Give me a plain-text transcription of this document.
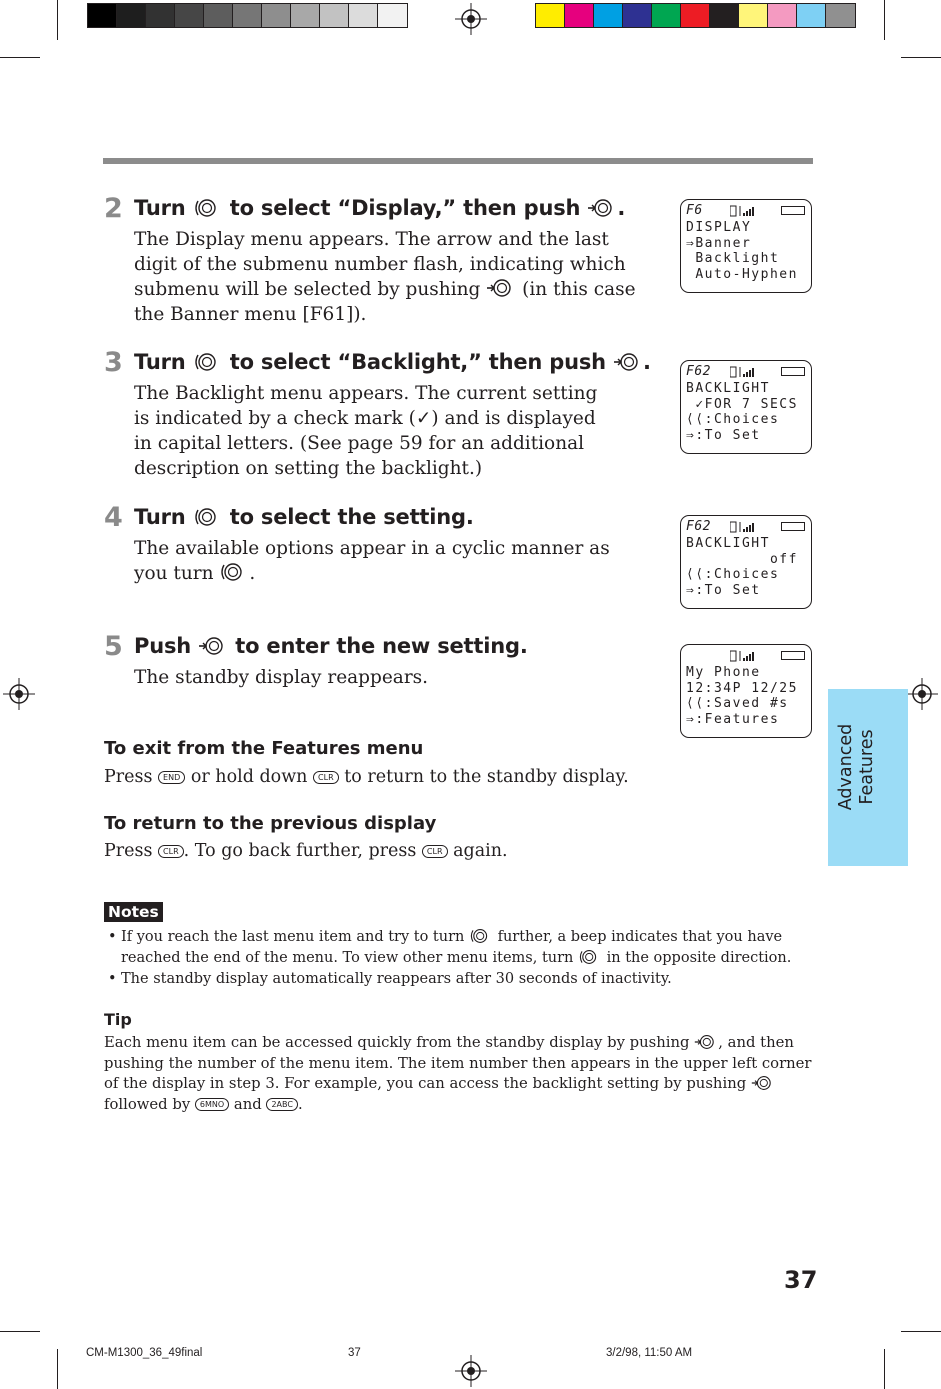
2 Turn to select “Display,” then push .
The Display menu appears. The arrow and the last digit of the submenu number flash, indicating which submenu will be selected by pushing (in this case the Banner menu [F61]).
3 Turn to select “Backlight,” then push .
The Backlight menu appears. The current setting is indicated by a check mark (✓) and is displayed in capital letters. (See page 59 for an additional description on setting the backlight.)
4 Turn to select the setting.
The available options appear in a cyclic manner as you turn .
5 Push to enter the new setting.
The standby display reappears.
F6
DISPLAY
⇒Banner
Backlight
Auto-Hyphen
F62
BACKLIGHT
✓FOR 7 SECS
⟨⟨:Choices
⇒:To Set
F62
BACKLIGHT
off
⟨⟨:Choices
⇒:To Set
My Phone
12:34P 12/25
⟨⟨:Saved #s
⇒:Features
To exit from the Features menu
Press END or hold down CLR to return to the standby display.
To return to the previous display
Press CLR . To go back further, press CLR again.
Notes
• If you reach the last menu item and try to turn further, a beep indicates that you have reached the end of the menu. To view other menu items, turn in the opposite direction.
• The standby display automatically reappears after 30 seconds of inactivity.
Tip
Each menu item can be accessed quickly from the standby display by pushing , and then pushing the number of the menu item. The item number then appears in the upper left corner of the display in step 3. For example, you can access the backlight setting by pushing  followed by 6MNO and 2ABC .
Advanced Features
37
CM-M1300_36_49final	37	3/2/98, 11:50 AM
